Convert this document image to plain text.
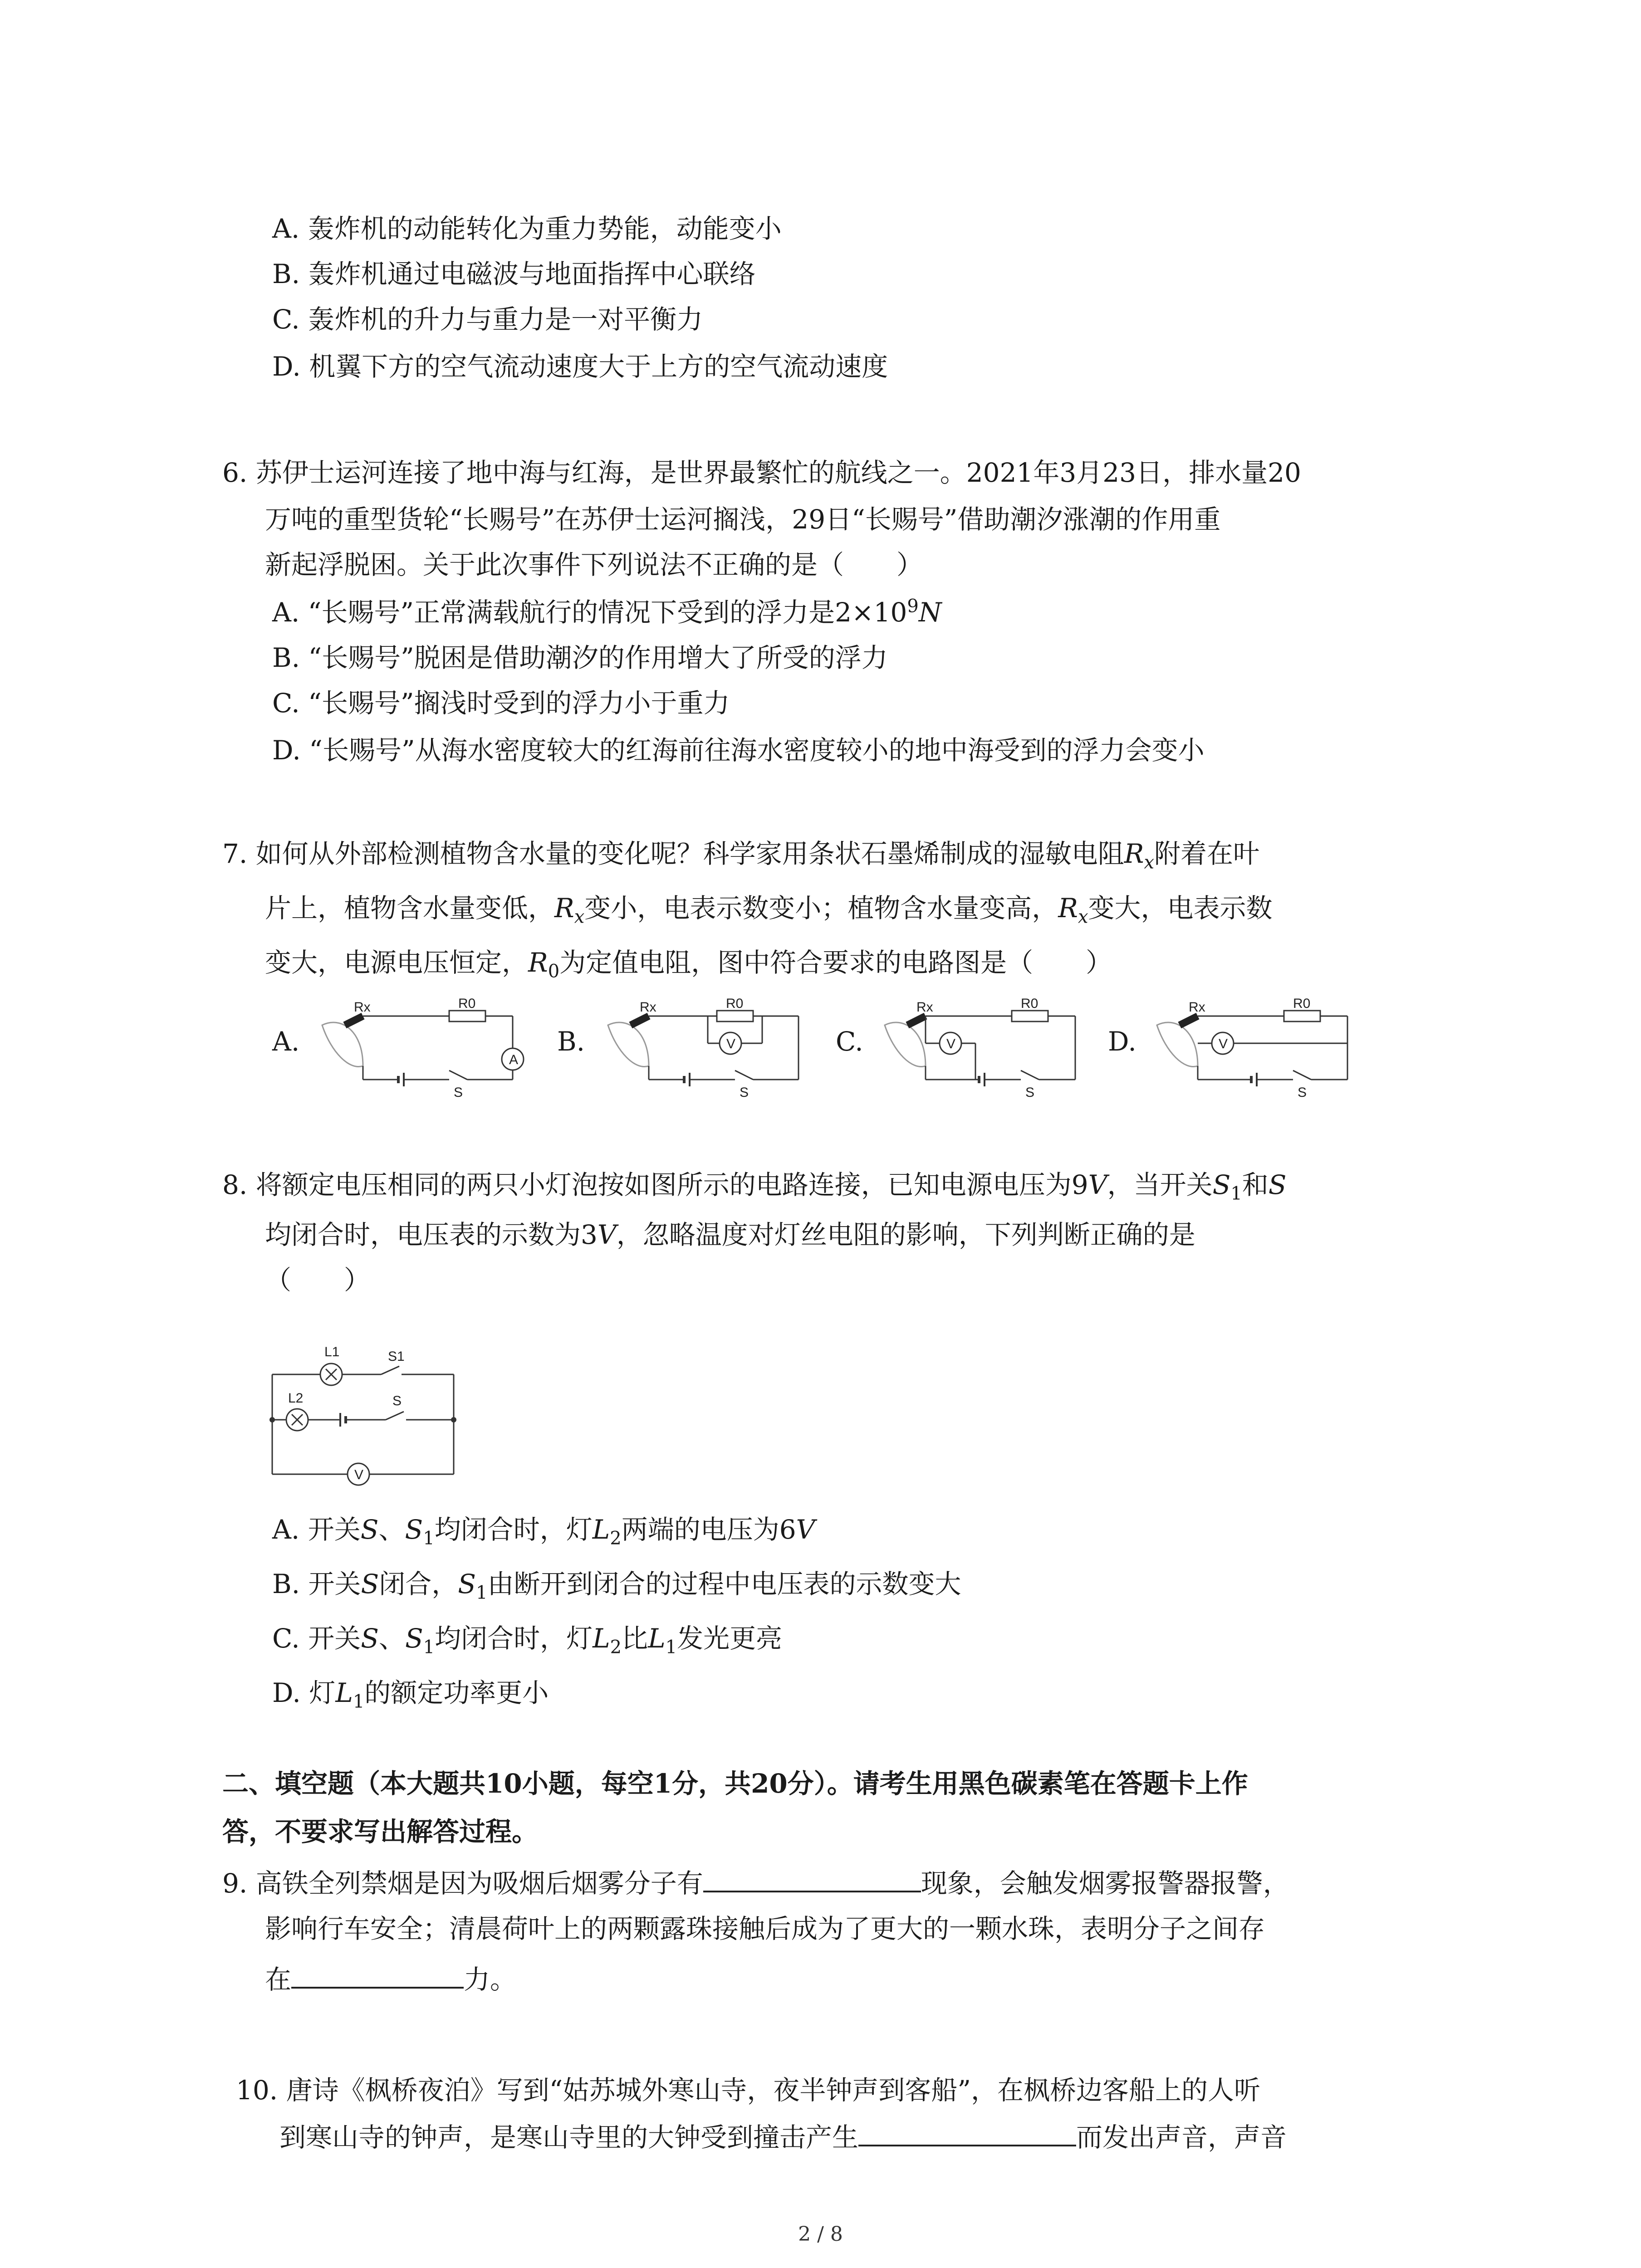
A. 轰炸机的动能转化为重力势能，动能变小
B. 轰炸机通过电磁波与地面指挥中心联络
C. 轰炸机的升力与重力是一对平衡力
D. 机翼下方的空气流动速度大于上方的空气流动速度
6. 苏伊士运河连接了地中海与红海，是世界最繁忙的航线之一。2021年3月23日，排水量20
万吨的重型货轮“长赐号”在苏伊士运河搁浅，29日“长赐号”借助潮汐涨潮的作用重
新起浮脱困。关于此次事件下列说法不正确的是（　　）
A. “长赐号”正常满载航行的情况下受到的浮力是$2\times 10^9N$
B. “长赐号”脱困是借助潮汐的作用增大了所受的浮力
C. “长赐号”搁浅时受到的浮力小于重力
D. “长赐号”从海水密度较大的红海前往海水密度较小的地中海受到的浮力会变小
7. 如何从外部检测植物含水量的变化呢？科学家用条状石墨烯制成的湿敏电阻$R_x$附着在叶
片上，植物含水量变低，$R_x$变小，电表示数变小；植物含水量变高，$R_x$变大，电表示数
变大，电源电压恒定，$R_0$为定值电阻，图中符合要求的电路图是（　　）
A.	B.	C.	D.
Rx	R0
A
S
Rx	R0
V
S
Rx	R0
V
S
Rx	R0
V
S
8. 将额定电压相同的两只小灯泡按如图所示的电路连接，已知电源电压为9V，当开关$S_1$和S
均闭合时，电压表的示数为3V，忽略温度对灯丝电阻的影响，下列判断正确的是
（　　）
L1	S1
L2	S
V
A. 开关S、$S_1$均闭合时，灯$L_2$两端的电压为6V
B. 开关S闭合，$S_1$由断开到闭合的过程中电压表的示数变大
C. 开关S、$S_1$均闭合时，灯$L_2$比$L_1$发光更亮
D. 灯$L_1$的额定功率更小
二、填空题（本大题共10小题，每空1分，共20分）。请考生用黑色碳素笔在答题卡上作
答，不要求写出解答过程。
9. 高铁全列禁烟是因为吸烟后烟雾分子有	现象，会触发烟雾报警器报警，
影响行车安全；清晨荷叶上的两颗露珠接触后成为了更大的一颗水珠，表明分子之间存
在	力。
10. 唐诗《枫桥夜泊》写到“姑苏城外寒山寺，夜半钟声到客船”，在枫桥边客船上的人听
到寒山寺的钟声，是寒山寺里的大钟受到撞击产生	而发出声音，声音
2 / 8
